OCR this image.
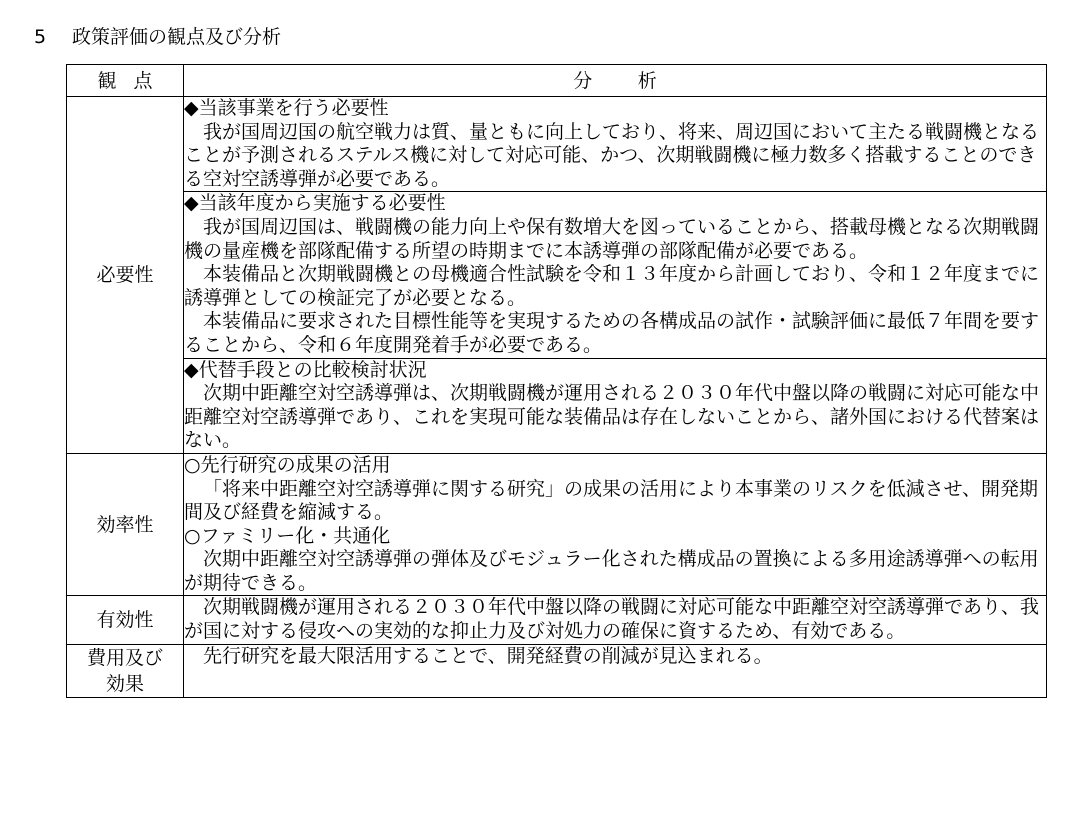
5 政策評価の観点及び分析
観点	分析
必要性	◆当該事業を行う必要性
我が国周辺国の航空戦力は質、量ともに向上しており、将来、周辺国において主たる戦闘機となることが予測されるステルス機に対して対応可能、かつ、次期戦闘機に極力数多く搭載することのできる空対空誘導弾が必要である。

	◆当該年度から実施する必要性
我が国周辺国は、戦闘機の能力向上や保有数増大を図っていることから、搭載母機となる次期戦闘機の量産機を部隊配備する所望の時期までに本誘導弾の部隊配備が必要である。
本装備品と次期戦闘機との母機適合性試験を令和１３年度から計画しており、令和１２年度までに誘導弾としての検証完了が必要となる。
本装備品に要求された目標性能等を実現するための各構成品の試作・試験評価に最低７年間を要することから、令和６年度開発着手が必要である。

	◆代替手段との比較検討状況
次期中距離空対空誘導弾は、次期戦闘機が運用される２０３０年代中盤以降の戦闘に対応可能な中距離空対空誘導弾であり、これを実現可能な装備品は存在しないことから、諸外国における代替案はない。

効率性	○先行研究の成果の活用
「将来中距離空対空誘導弾に関する研究」の成果の活用により本事業のリスクを低減させ、開発期間及び経費を縮減する。
○ファミリー化・共通化
次期中距離空対空誘導弾の弾体及びモジュラー化された構成品の置換による多用途誘導弾への転用が期待できる。

有効性	次期戦闘機が運用される２０３０年代中盤以降の戦闘に対応可能な中距離空対空誘導弾であり、我が国に対する侵攻への実効的な抑止力及び対処力の確保に資するため、有効である。

費用及び
効果	先行研究を最大限活用することで、開発経費の削減が見込まれる。
